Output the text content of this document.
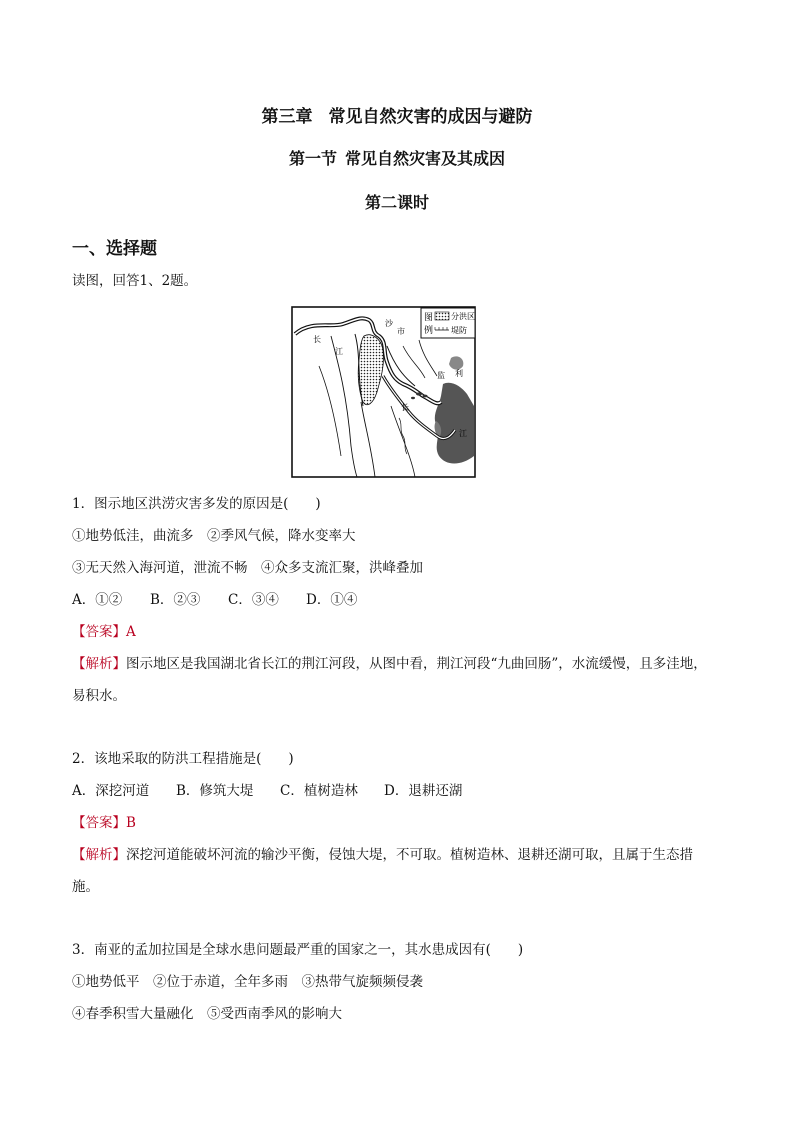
第三章 常见自然灾害的成因与避防
第一节 常见自然灾害及其成因
第二课时
一、选择题
读图，回答1、2题。
图
例
分洪区
堤防
沙
市
长
江
监 利
长
江
1．图示地区洪涝灾害多发的原因是(　　)
①地势低洼，曲流多　②季风气候，降水变率大
③无天然入海河道，泄流不畅　④众多支流汇聚，洪峰叠加
A．①② B．②③ C．③④ D．①④
【答案】A
【解析】图示地区是我国湖北省长江的荆江河段，从图中看，荆江河段“九曲回肠”，水流缓慢，且多洼地，
易积水。
2．该地采取的防洪工程措施是(　　)
A．深挖河道 B．修筑大堤 C．植树造林 D．退耕还湖
【答案】B
【解析】深挖河道能破坏河流的输沙平衡，侵蚀大堤，不可取。植树造林、退耕还湖可取，且属于生态措
施。
3．南亚的孟加拉国是全球水患问题最严重的国家之一，其水患成因有(　　)
①地势低平　②位于赤道，全年多雨　③热带气旋频频侵袭
④春季积雪大量融化　⑤受西南季风的影响大
